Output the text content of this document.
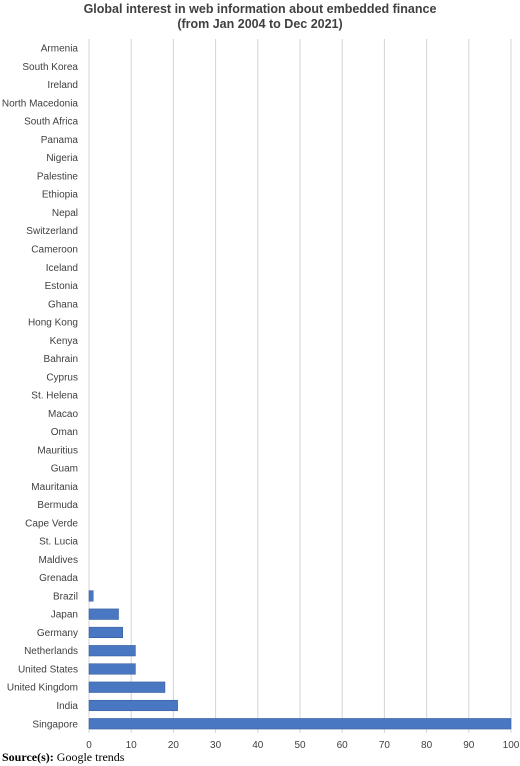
Global interest in web information about embedded finance
(from Jan 2004 to Dec 2021)
Armenia
South Korea
Ireland
North Macedonia
South Africa
Panama
Nigeria
Palestine
Ethiopia
Nepal
Switzerland
Cameroon
Iceland
Estonia
Ghana
Hong Kong
Kenya
Bahrain
Cyprus
St. Helena
Macao
Oman
Mauritius
Guam
Mauritania
Bermuda
Cape Verde
St. Lucia
Maldives
Grenada
Brazil
Japan
Germany
Netherlands
United States
United Kingdom
India
Singapore
0	10	20	30	40	50	60	70	80	90	100
Source(s): Google trends
